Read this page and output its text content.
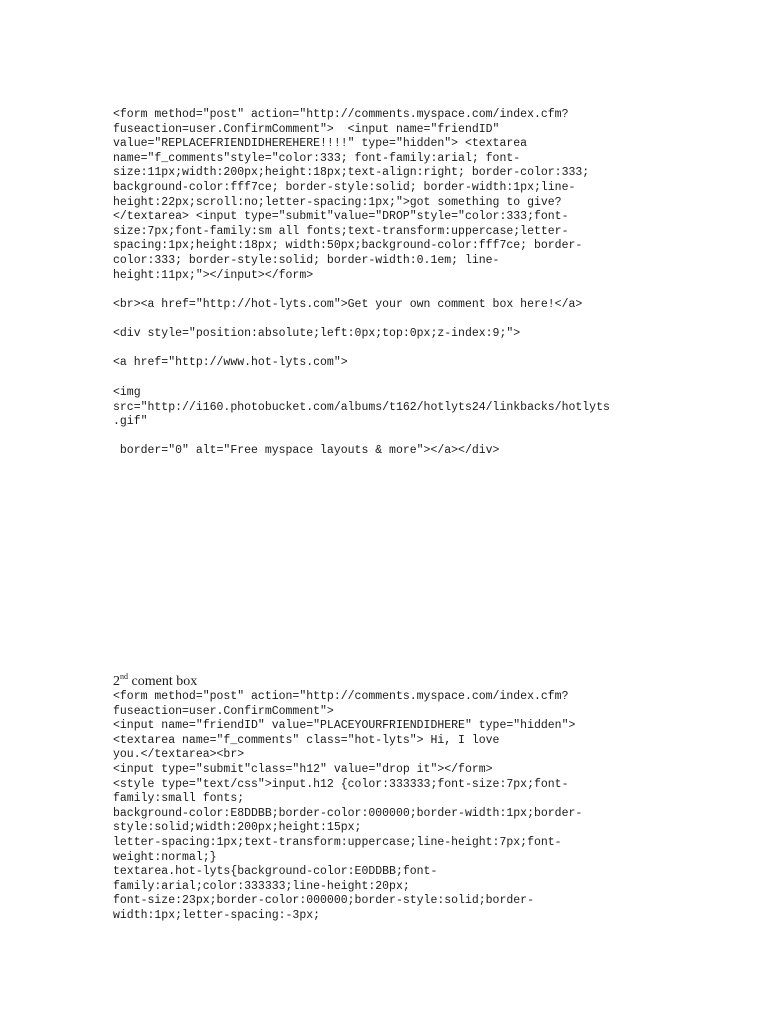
<form method="post" action="http://comments.myspace.com/index.cfm?
fuseaction=user.ConfirmComment">  <input name="friendID"
value="REPLACEFRIENDIDHEREHERE!!!!" type="hidden"> <textarea
name="f_comments"style="color:333; font-family:arial; font-
size:11px;width:200px;height:18px;text-align:right; border-color:333;
background-color:fff7ce; border-style:solid; border-width:1px;line-
height:22px;scroll:no;letter-spacing:1px;">got something to give?
</textarea> <input type="submit"value="DROP"style="color:333;font-
size:7px;font-family:sm all fonts;text-transform:uppercase;letter-
spacing:1px;height:18px; width:50px;background-color:fff7ce; border-
color:333; border-style:solid; border-width:0.1em; line-
height:11px;"></input></form>
<br><a href="http://hot-lyts.com">Get your own comment box here!</a>
<div style="position:absolute;left:0px;top:0px;z-index:9;">
<a href="http://www.hot-lyts.com">
<img
src="http://i160.photobucket.com/albums/t162/hotlyts24/linkbacks/hotlyts
.gif"
border="0" alt="Free myspace layouts & more"></a></div>
2nd coment box
<form method="post" action="http://comments.myspace.com/index.cfm?
fuseaction=user.ConfirmComment">
<input name="friendID" value="PLACEYOURFRIENDIDHERE" type="hidden">
<textarea name="f_comments" class="hot-lyts"> Hi, I love
you.</textarea><br>
<input type="submit"class="h12" value="drop it"></form>
<style type="text/css">input.h12 {color:333333;font-size:7px;font-
family:small fonts;
background-color:E8DDBB;border-color:000000;border-width:1px;border-
style:solid;width:200px;height:15px;
letter-spacing:1px;text-transform:uppercase;line-height:7px;font-
weight:normal;}
textarea.hot-lyts{background-color:E0DDBB;font-
family:arial;color:333333;line-height:20px;
font-size:23px;border-color:000000;border-style:solid;border-
width:1px;letter-spacing:-3px;
